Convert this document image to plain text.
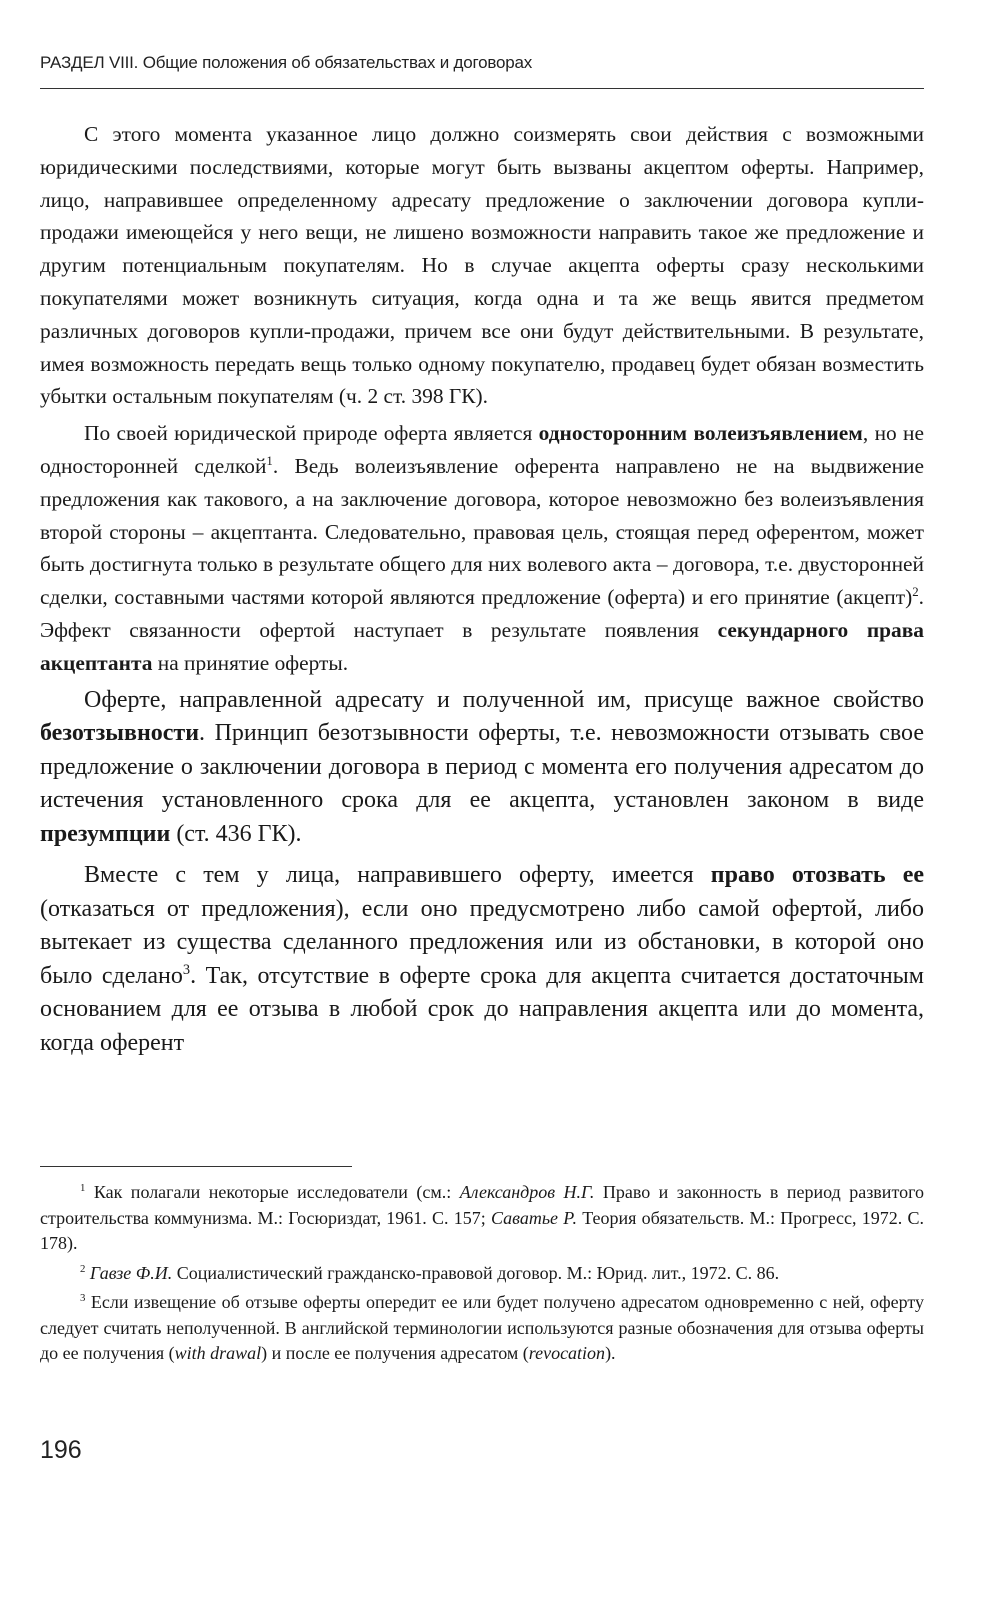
РАЗДЕЛ VIII. Общие положения об обязательствах и договорах

С этого момента указанное лицо должно соизмерять свои действия с возможными юридическими последствиями, которые могут быть вызваны акцептом оферты. Например, лицо, направившее определенному адресату предложение о заключении договора купли-продажи имеющейся у него вещи, не лишено возможности направить такое же предложение и другим потенциальным покупателям. Но в случае акцепта оферты сразу несколькими покупателями может возникнуть ситуация, когда одна и та же вещь явится предметом различных договоров купли-продажи, причем все они будут действительными. В результате, имея возможность передать вещь только одному покупателю, продавец будет обязан возместить убытки остальным покупателям (ч. 2 ст. 398 ГК).

По своей юридической природе оферта является односторонним волеизъявлением, но не односторонней сделкой$^1$. Ведь волеизъявление оферента направлено не на выдвижение предложения как такового, а на заключение договора, которое невозможно без волеизъявления второй стороны – акцептанта. Следовательно, правовая цель, стоящая перед оферентом, может быть достигнута только в результате общего для них волевого акта – договора, т.е. двусторонней сделки, составными частями которой являются предложение (оферта) и его принятие (акцепт)$^2$. Эффект связанности офертой наступает в результате появления секундарного права акцептанта на принятие оферты.

Оферте, направленной адресату и полученной им, присуще важное свойство безотзывности. Принцип безотзывности оферты, т.е. невозможности отзывать свое предложение о заключении договора в период с момента его получения адресатом до истечения установленного срока для ее акцепта, установлен законом в виде презумпции (ст. 436 ГК).

Вместе с тем у лица, направившего оферту, имеется право отозвать ее (отказаться от предложения), если оно предусмотрено либо самой офертой, либо вытекает из существа сделанного предложения или из обстановки, в которой оно было сделано$^3$. Так, отсутствие в оферте срока для акцепта считается достаточным основанием для ее отзыва в любой срок до направления акцепта или до момента, когда оферент

$^1$ Как полагали некоторые исследователи (см.: Александров Н.Г. Право и законность в период развитого строительства коммунизма. М.: Госюриздат, 1961. С. 157; Саватье Р. Теория обязательств. М.: Прогресс, 1972. С. 178).

$^2$ Гавзе Ф.И. Социалистический гражданско-правовой договор. М.: Юрид. лит., 1972. С. 86.

$^3$ Если извещение об отзыве оферты опередит ее или будет получено адресатом одновременно с ней, оферту следует считать неполученной. В английской терминологии используются разные обозначения для отзыва оферты до ее получения (with drawal) и после ее получения адресатом (revocation).

196
